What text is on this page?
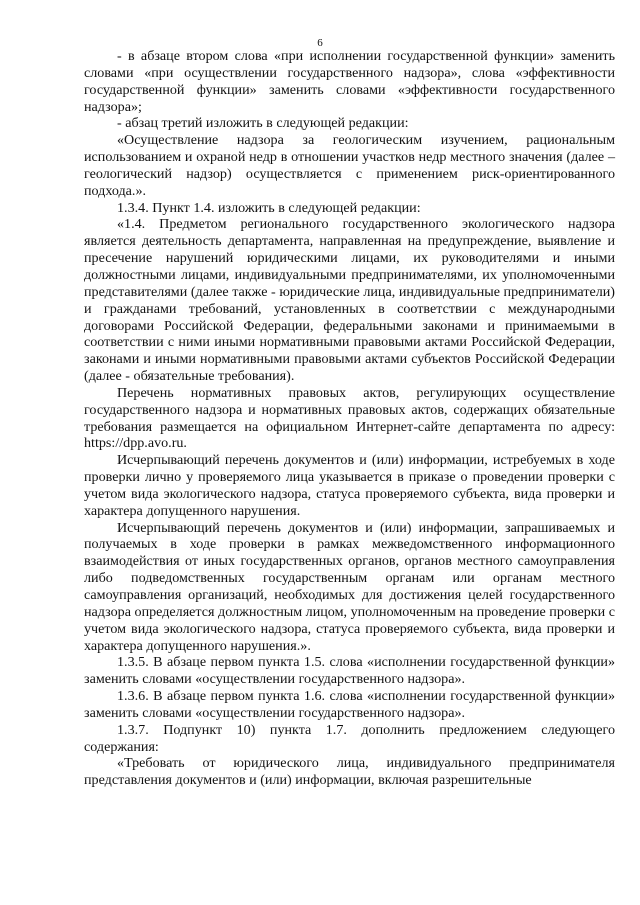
6

- в абзаце втором слова «при исполнении государственной функции» заменить словами «при осуществлении государственного надзора», слова «эффективности государственной функции» заменить словами «эффективности государственного надзора»;

- абзац третий изложить в следующей редакции:

«Осуществление надзора за геологическим изучением, рациональным использованием и охраной недр в отношении участков недр местного значения (далее – геологический надзор) осуществляется с применением риск-ориентированного подхода.».

1.3.4. Пункт 1.4. изложить в следующей редакции:

«1.4. Предметом регионального государственного экологического надзора является деятельность департамента, направленная на предупреждение, выявление и пресечение нарушений юридическими лицами, их руководителями и иными должностными лицами, индивидуальными предпринимателями, их уполномоченными представителями (далее также - юридические лица, индивидуальные предприниматели) и гражданами требований, установленных в соответствии с международными договорами Российской Федерации, федеральными законами и принимаемыми в соответствии с ними иными нормативными правовыми актами Российской Федерации, законами и иными нормативными правовыми актами субъектов Российской Федерации (далее - обязательные требования).

Перечень нормативных правовых актов, регулирующих осуществление государственного надзора и нормативных правовых актов, содержащих обязательные требования размещается на официальном Интернет-сайте департамента по адресу: https://dpp.avo.ru.

Исчерпывающий перечень документов и (или) информации, истребуемых в ходе проверки лично у проверяемого лица указывается в приказе о проведении проверки с учетом вида экологического надзора, статуса проверяемого субъекта, вида проверки и характера допущенного нарушения.

Исчерпывающий перечень документов и (или) информации, запрашиваемых и получаемых в ходе проверки в рамках межведомственного информационного взаимодействия от иных государственных органов, органов местного самоуправления либо подведомственных государственным органам или органам местного самоуправления организаций, необходимых для достижения целей государственного надзора определяется должностным лицом, уполномоченным на проведение проверки с учетом вида экологического надзора, статуса проверяемого субъекта, вида проверки и характера допущенного нарушения.».

1.3.5. В абзаце первом пункта 1.5. слова «исполнении государственной функции» заменить словами «осуществлении государственного надзора».

1.3.6. В абзаце первом пункта 1.6. слова «исполнении государственной функции» заменить словами «осуществлении государственного надзора».

1.3.7. Подпункт 10) пункта 1.7. дополнить предложением следующего содержания:

«Требовать от юридического лица, индивидуального предпринимателя представления документов и (или) информации, включая разрешительные
